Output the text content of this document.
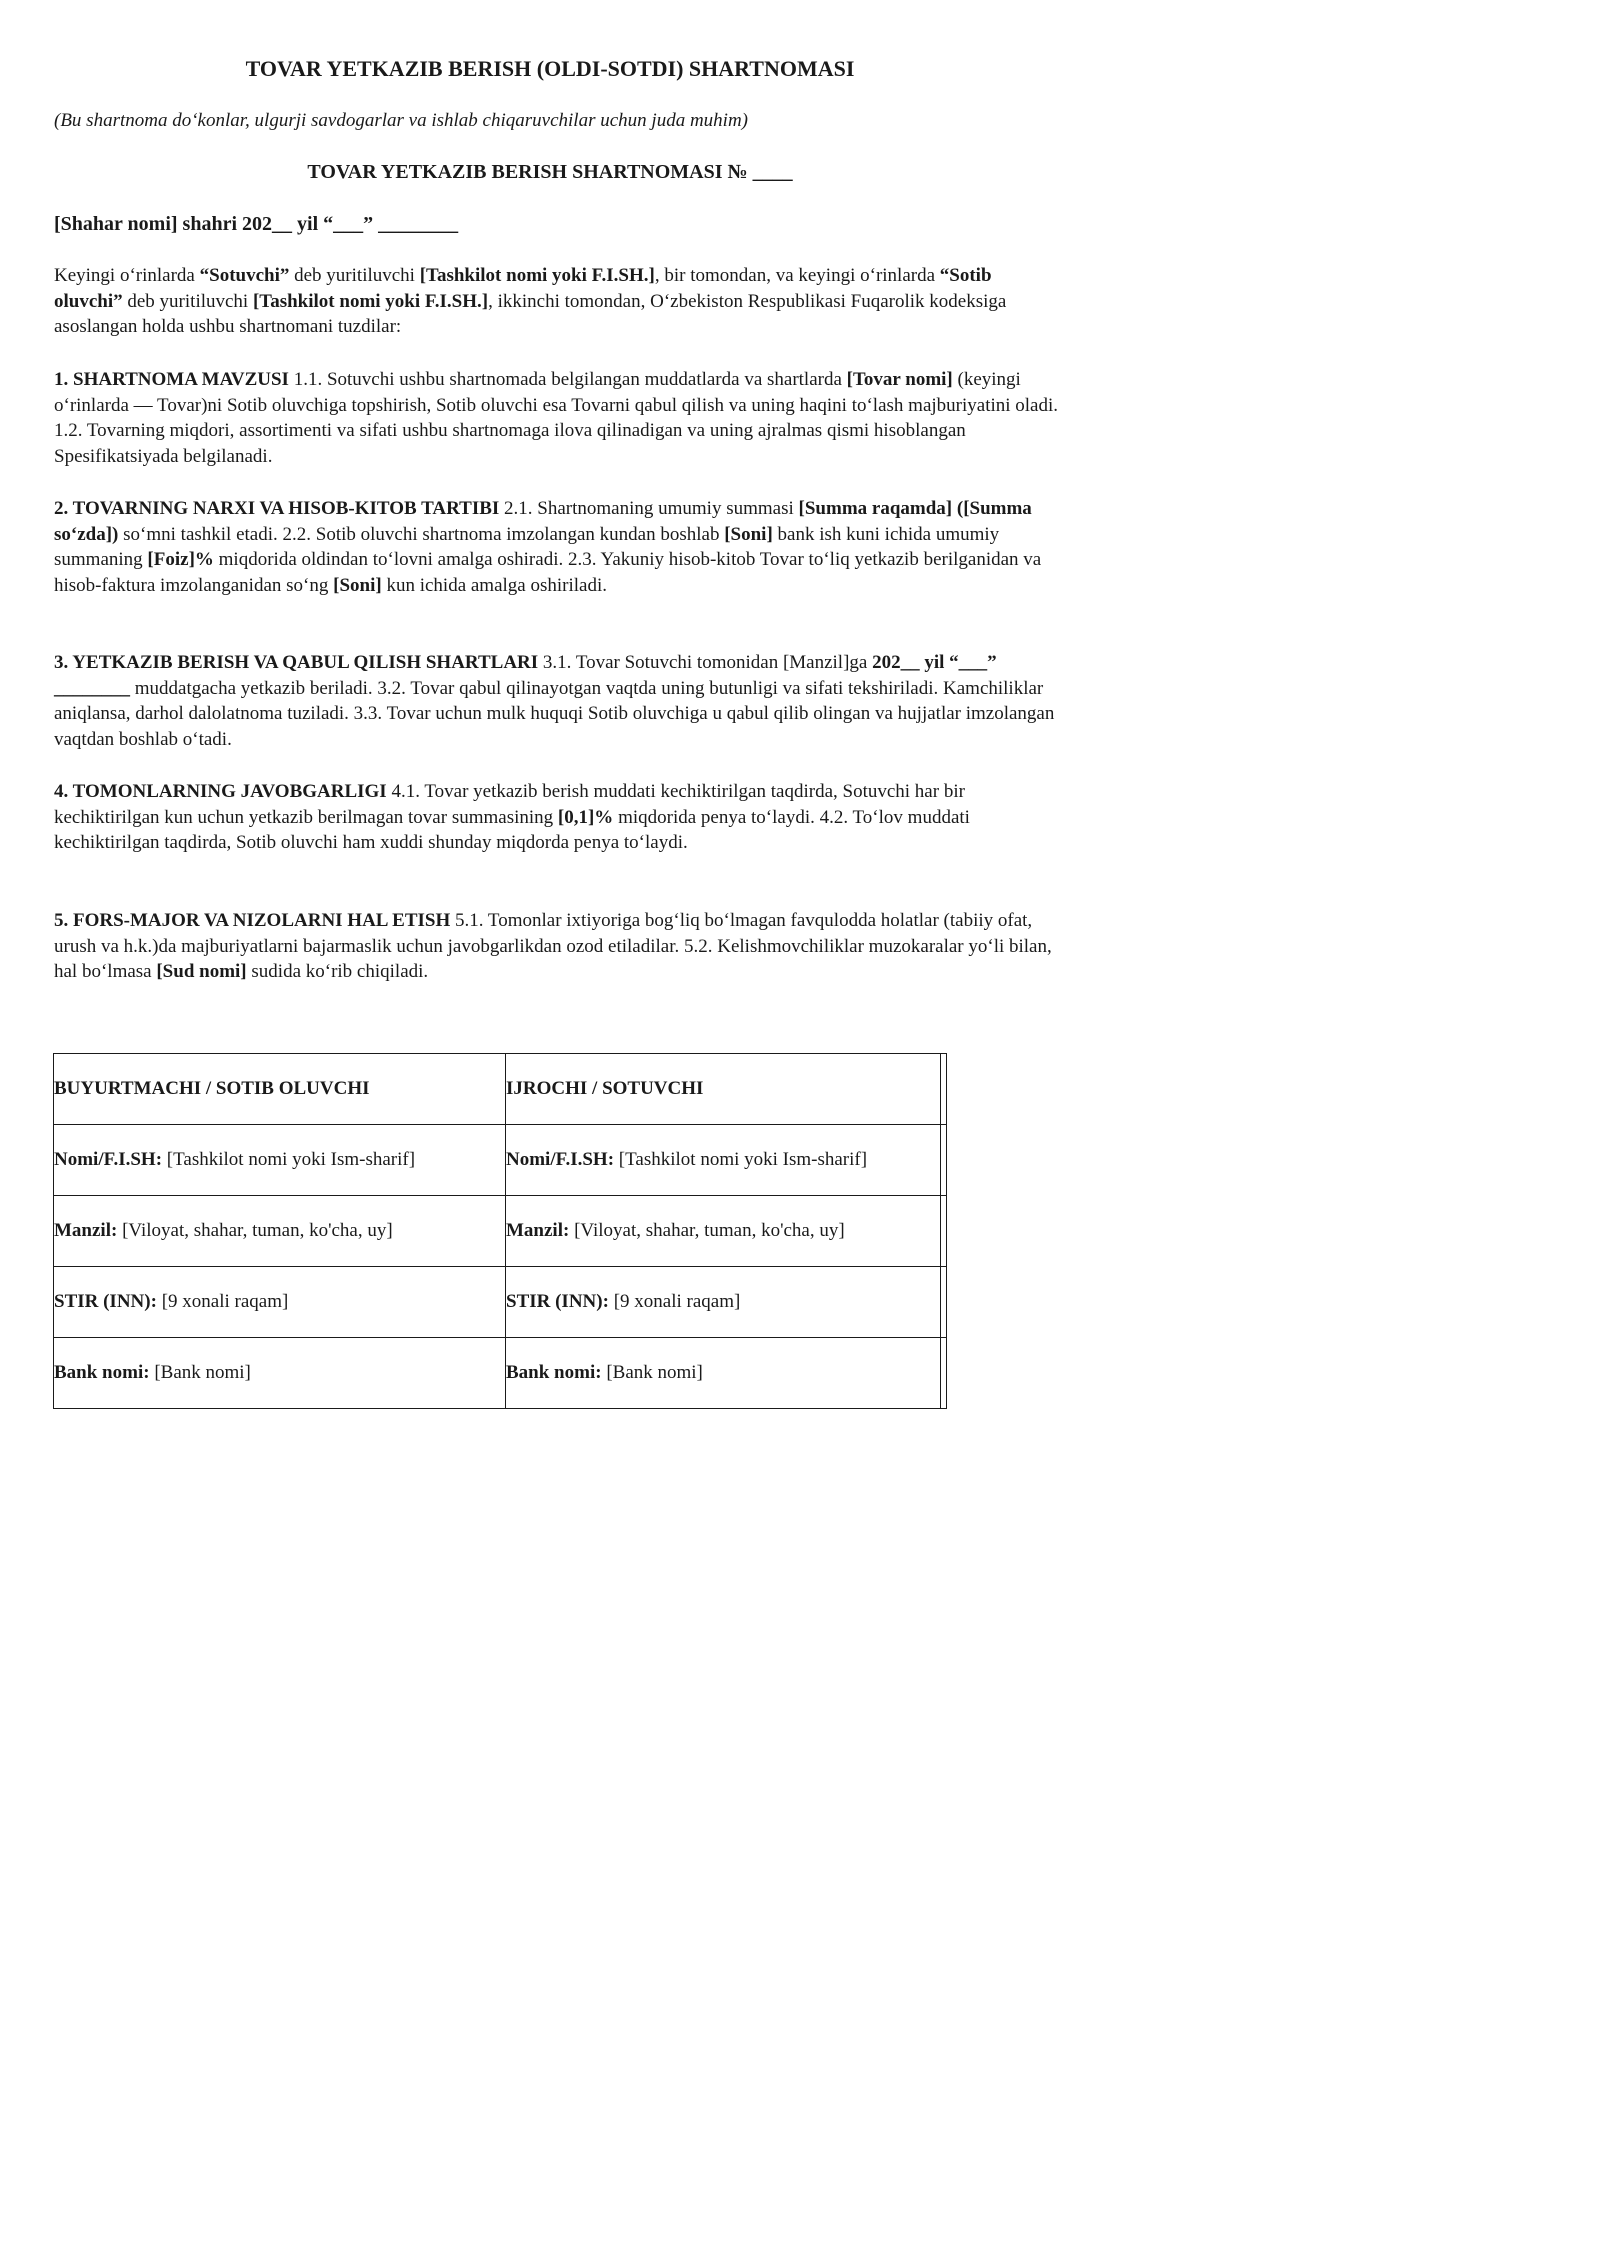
TOVAR YETKAZIB BERISH (OLDI-SOTDI) SHARTNOMASI
(Bu shartnoma do‘konlar, ulgurji savdogarlar va ishlab chiqaruvchilar uchun juda muhim)
TOVAR YETKAZIB BERISH SHARTNOMASI № ____
[Shahar nomi] shahri 202__ yil “___” ________

Keyingi o‘rinlarda “Sotuvchi” deb yuritiluvchi [Tashkilot nomi yoki F.I.SH.], bir tomondan, va keyingi o‘rinlarda “Sotib oluvchi” deb yuritiluvchi [Tashkilot nomi yoki F.I.SH.], ikkinchi tomondan, O‘zbekiston Respublikasi Fuqarolik kodeksiga asoslangan holda ushbu shartnomani tuzdilar:

1. SHARTNOMA MAVZUSI 1.1. Sotuvchi ushbu shartnomada belgilangan muddatlarda va shartlarda [Tovar nomi] (keyingi o‘rinlarda — Tovar)ni Sotib oluvchiga topshirish, Sotib oluvchi esa Tovarni qabul qilish va uning haqini to‘lash majburiyatini oladi. 1.2. Tovarning miqdori, assortimenti va sifati ushbu shartnomaga ilova qilinadigan va uning ajralmas qismi hisoblangan Spesifikatsiyada belgilanadi.

2. TOVARNING NARXI VA HISOB-KITOB TARTIBI 2.1. Shartnomaning umumiy summasi [Summa raqamda] ([Summa so‘zda]) so‘mni tashkil etadi. 2.2. Sotib oluvchi shartnoma imzolangan kundan boshlab [Soni] bank ish kuni ichida umumiy summaning [Foiz]% miqdorida oldindan to‘lovni amalga oshiradi. 2.3. Yakuniy hisob-kitob Tovar to‘liq yetkazib berilganidan va hisob-faktura imzolanganidan so‘ng [Soni] kun ichida amalga oshiriladi.

3. YETKAZIB BERISH VA QABUL QILISH SHARTLARI 3.1. Tovar Sotuvchi tomonidan [Manzil]ga 202__ yil “___” ________ muddatgacha yetkazib beriladi. 3.2. Tovar qabul qilinayotgan vaqtda uning butunligi va sifati tekshiriladi. Kamchiliklar aniqlansa, darhol dalolatnoma tuziladi. 3.3. Tovar uchun mulk huquqi Sotib oluvchiga u qabul qilib olingan va hujjatlar imzolangan vaqtdan boshlab o‘tadi.

4. TOMONLARNING JAVOBGARLIGI 4.1. Tovar yetkazib berish muddati kechiktirilgan taqdirda, Sotuvchi har bir kechiktirilgan kun uchun yetkazib berilmagan tovar summasining [0,1]% miqdorida penya to‘laydi. 4.2. To‘lov muddati kechiktirilgan taqdirda, Sotib oluvchi ham xuddi shunday miqdorda penya to‘laydi.

5. FORS-MAJOR VA NIZOLARNI HAL ETISH 5.1. Tomonlar ixtiyoriga bog‘liq bo‘lmagan favqulodda holatlar (tabiiy ofat, urush va h.k.)da majburiyatlarni bajarmaslik uchun javobgarlikdan ozod etiladilar. 5.2. Kelishmovchiliklar muzokaralar yo‘li bilan, hal bo‘lmasa [Sud nomi] sudida ko‘rib chiqiladi.

BUYURTMACHI / SOTIB OLUVCHI	IJROCHI / SOTUVCHI	
Nomi/F.I.SH: [Tashkilot nomi yoki Ism-sharif]	Nomi/F.I.SH: [Tashkilot nomi yoki Ism-sharif]	
Manzil: [Viloyat, shahar, tuman, ko'cha, uy]	Manzil: [Viloyat, shahar, tuman, ko'cha, uy]	
STIR (INN): [9 xonali raqam]	STIR (INN): [9 xonali raqam]	
Bank nomi: [Bank nomi]	Bank nomi: [Bank nomi]	
